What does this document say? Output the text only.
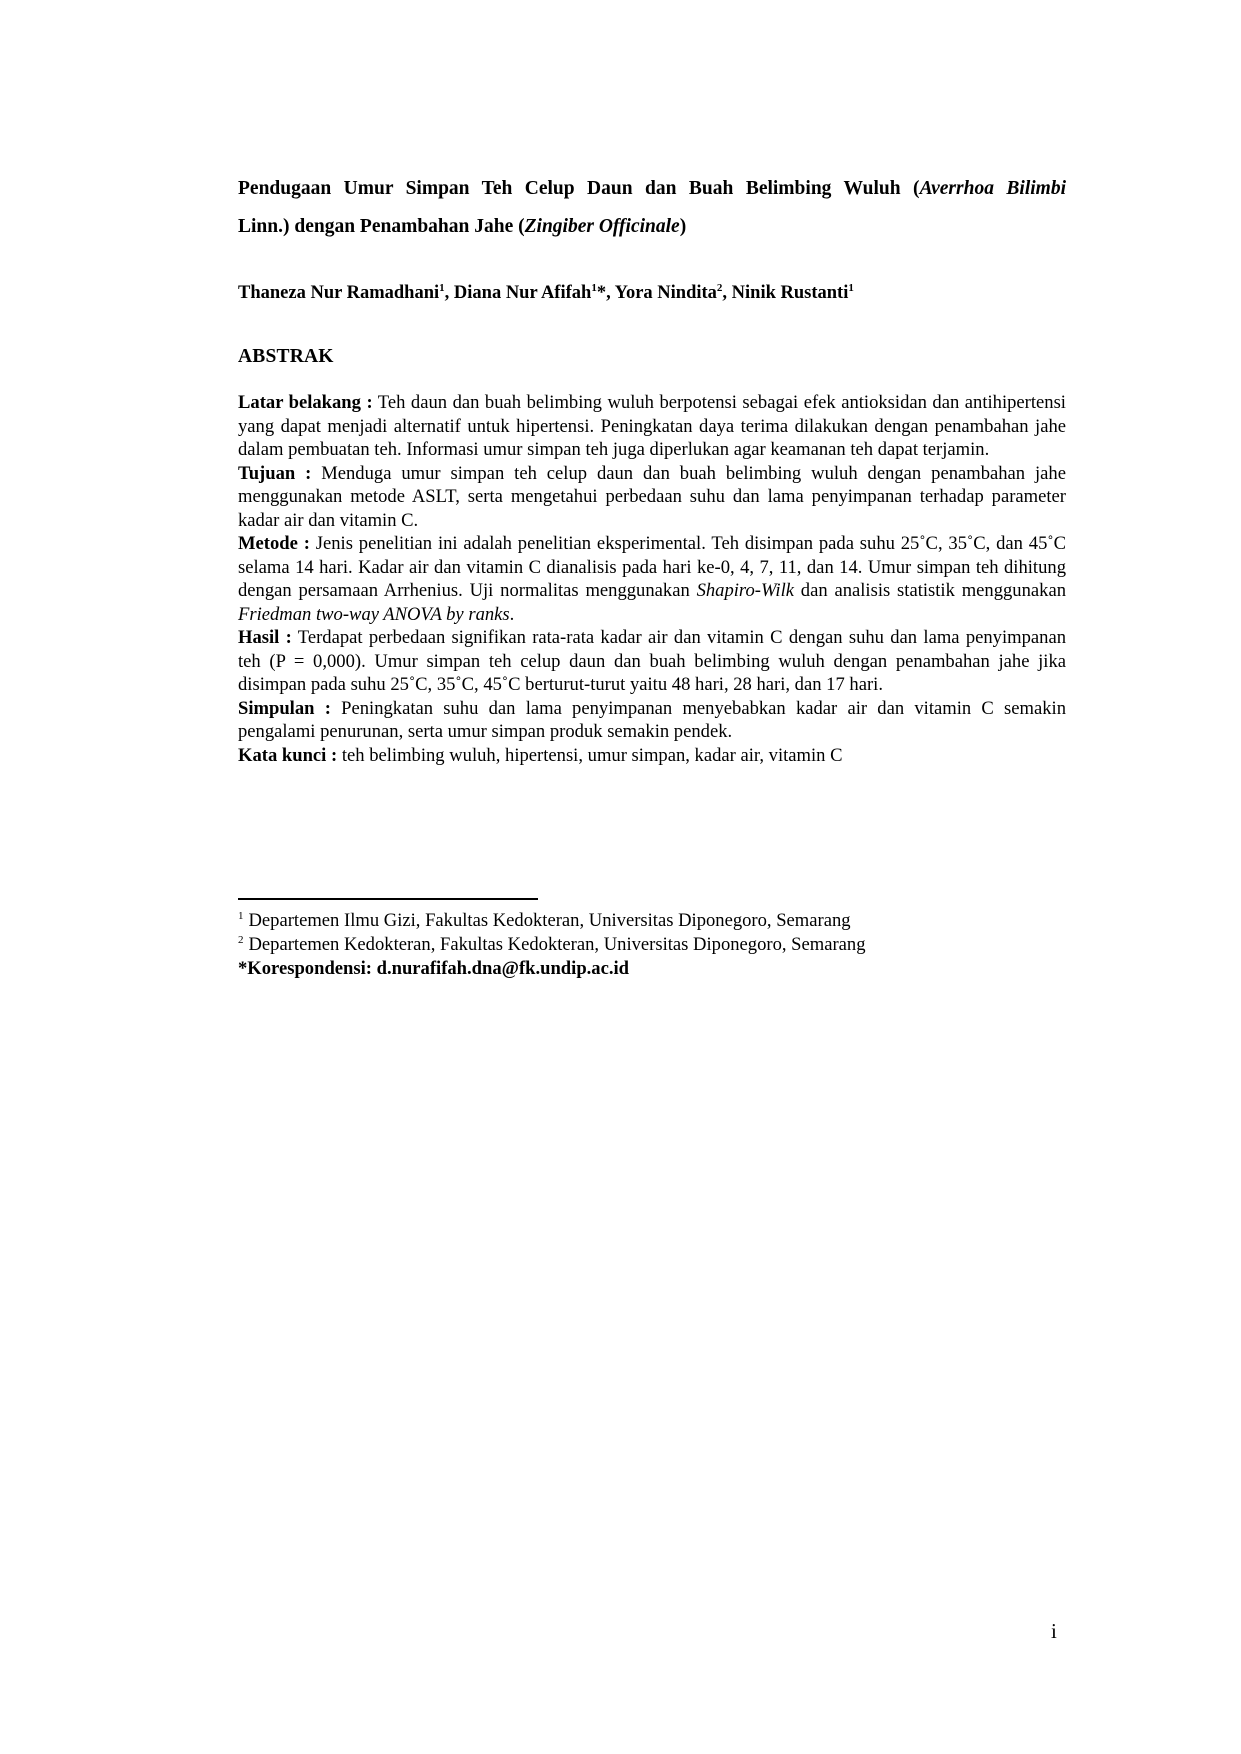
Pendugaan Umur Simpan Teh Celup Daun dan Buah Belimbing Wuluh (Averrhoa Bilimbi
Linn.) dengan Penambahan Jahe (Zingiber Officinale)

Thaneza Nur Ramadhani$^1$, Diana Nur Afifah$^1$*, Yora Nindita$^2$, Ninik Rustanti$^1$

ABSTRAK

Latar belakang : Teh daun dan buah belimbing wuluh berpotensi sebagai efek antioksidan dan antihipertensi yang dapat menjadi alternatif untuk hipertensi. Peningkatan daya terima dilakukan dengan penambahan jahe dalam pembuatan teh. Informasi umur simpan teh juga diperlukan agar keamanan teh dapat terjamin.

Tujuan : Menduga umur simpan teh celup daun dan buah belimbing wuluh dengan penambahan jahe menggunakan metode ASLT, serta mengetahui perbedaan suhu dan lama penyimpanan terhadap parameter kadar air dan vitamin C.

Metode : Jenis penelitian ini adalah penelitian eksperimental. Teh disimpan pada suhu 25˚C, 35˚C, dan 45˚C selama 14 hari. Kadar air dan vitamin C dianalisis pada hari ke-0, 4, 7, 11, dan 14. Umur simpan teh dihitung dengan persamaan Arrhenius. Uji normalitas menggunakan Shapiro-Wilk dan analisis statistik menggunakan Friedman two-way ANOVA by ranks.

Hasil : Terdapat perbedaan signifikan rata-rata kadar air dan vitamin C dengan suhu dan lama penyimpanan teh (P = 0,000). Umur simpan teh celup daun dan buah belimbing wuluh dengan penambahan jahe jika disimpan pada suhu 25˚C, 35˚C, 45˚C berturut-turut yaitu 48 hari, 28 hari, dan 17 hari.

Simpulan : Peningkatan suhu dan lama penyimpanan menyebabkan kadar air dan vitamin C semakin pengalami penurunan, serta umur simpan produk semakin pendek.

Kata kunci : teh belimbing wuluh, hipertensi, umur simpan, kadar air, vitamin C

$^1$ Departemen Ilmu Gizi, Fakultas Kedokteran, Universitas Diponegoro, Semarang

$^2$ Departemen Kedokteran, Fakultas Kedokteran, Universitas Diponegoro, Semarang

*Korespondensi: d.nurafifah.dna@fk.undip.ac.id

i
